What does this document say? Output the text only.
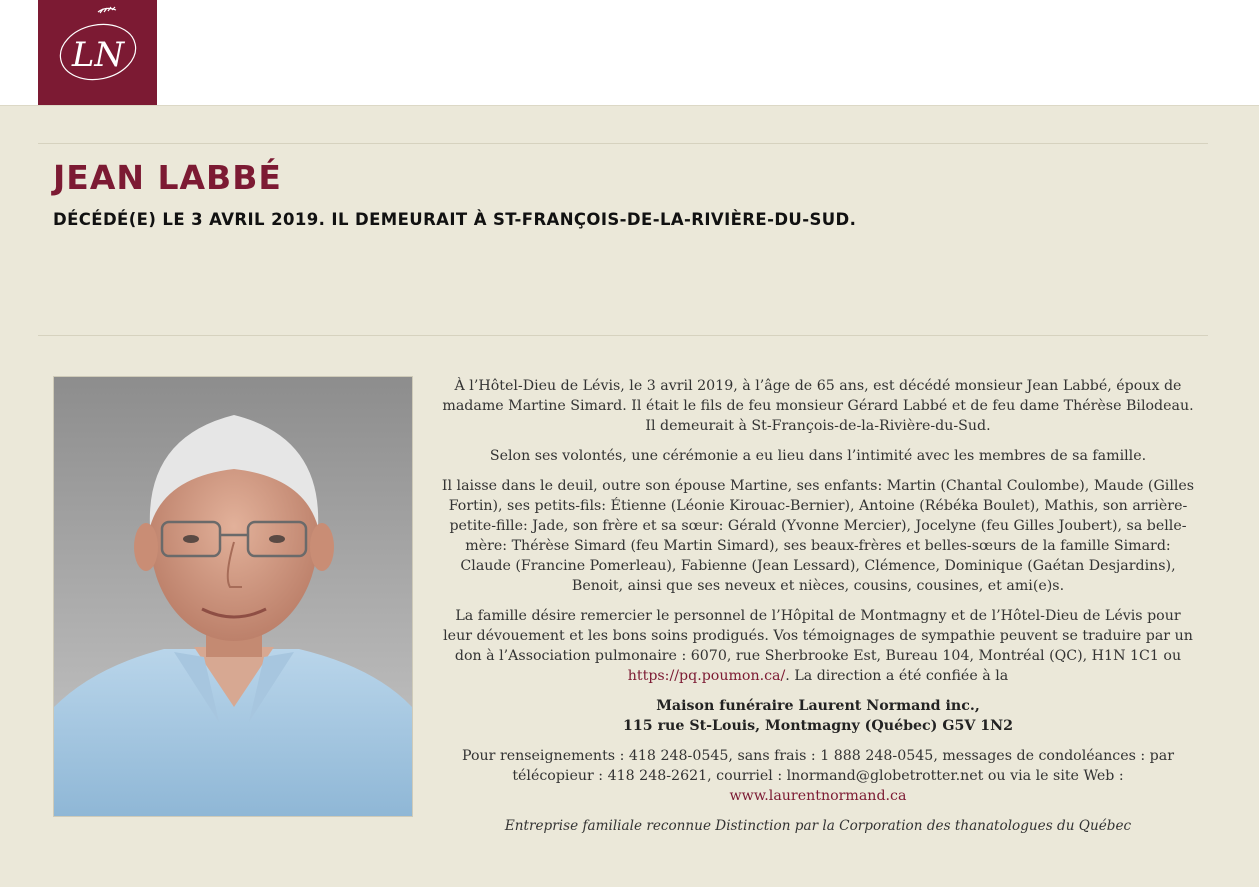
LN
JEAN LABBÉ
DÉCÉDÉ(E) LE 3 AVRIL 2019. IL DEMEURAIT À ST-FRANÇOIS-DE-LA-RIVIÈRE-DU-SUD.

À l’Hôtel-Dieu de Lévis, le 3 avril 2019, à l’âge de 65 ans, est décédé monsieur Jean Labbé, époux de madame Martine Simard. Il était le fils de feu monsieur Gérard Labbé et de feu dame Thérèse Bilodeau. Il demeurait à St-François-de-la-Rivière-du-Sud.

Selon ses volontés, une cérémonie a eu lieu dans l’intimité avec les membres de sa famille.

Il laisse dans le deuil, outre son épouse Martine, ses enfants: Martin (Chantal Coulombe), Maude (Gilles Fortin), ses petits-fils: Étienne (Léonie Kirouac-Bernier), Antoine (Rébéka Boulet), Mathis, son arrière-petite-fille: Jade, son frère et sa sœur: Gérald (Yvonne Mercier), Jocelyne (feu Gilles Joubert), sa belle-mère: Thérèse Simard (feu Martin Simard), ses beaux-frères et belles-sœurs de la famille Simard: Claude (Francine Pomerleau), Fabienne (Jean Lessard), Clémence, Dominique (Gaétan Desjardins), Benoit, ainsi que ses neveux et nièces, cousins, cousines, et ami(e)s.

La famille désire remercier le personnel de l’Hôpital de Montmagny et de l’Hôtel-Dieu de Lévis pour leur dévouement et les bons soins prodigués. Vos témoignages de sympathie peuvent se traduire par un don à l’Association pulmonaire : 6070, rue Sherbrooke Est, Bureau 104, Montréal (QC), H1N 1C1 ou https://pq.poumon.ca/. La direction a été confiée à la

Maison funéraire Laurent Normand inc.,
115 rue St-Louis, Montmagny (Québec) G5V 1N2

Pour renseignements : 418 248-0545, sans frais : 1 888 248-0545, messages de condoléances : par télécopieur : 418 248-2621, courriel : lnormand@globetrotter.net ou via le site Web :
www.laurentnormand.ca

Entreprise familiale reconnue Distinction par la Corporation des thanatologues du Québec
